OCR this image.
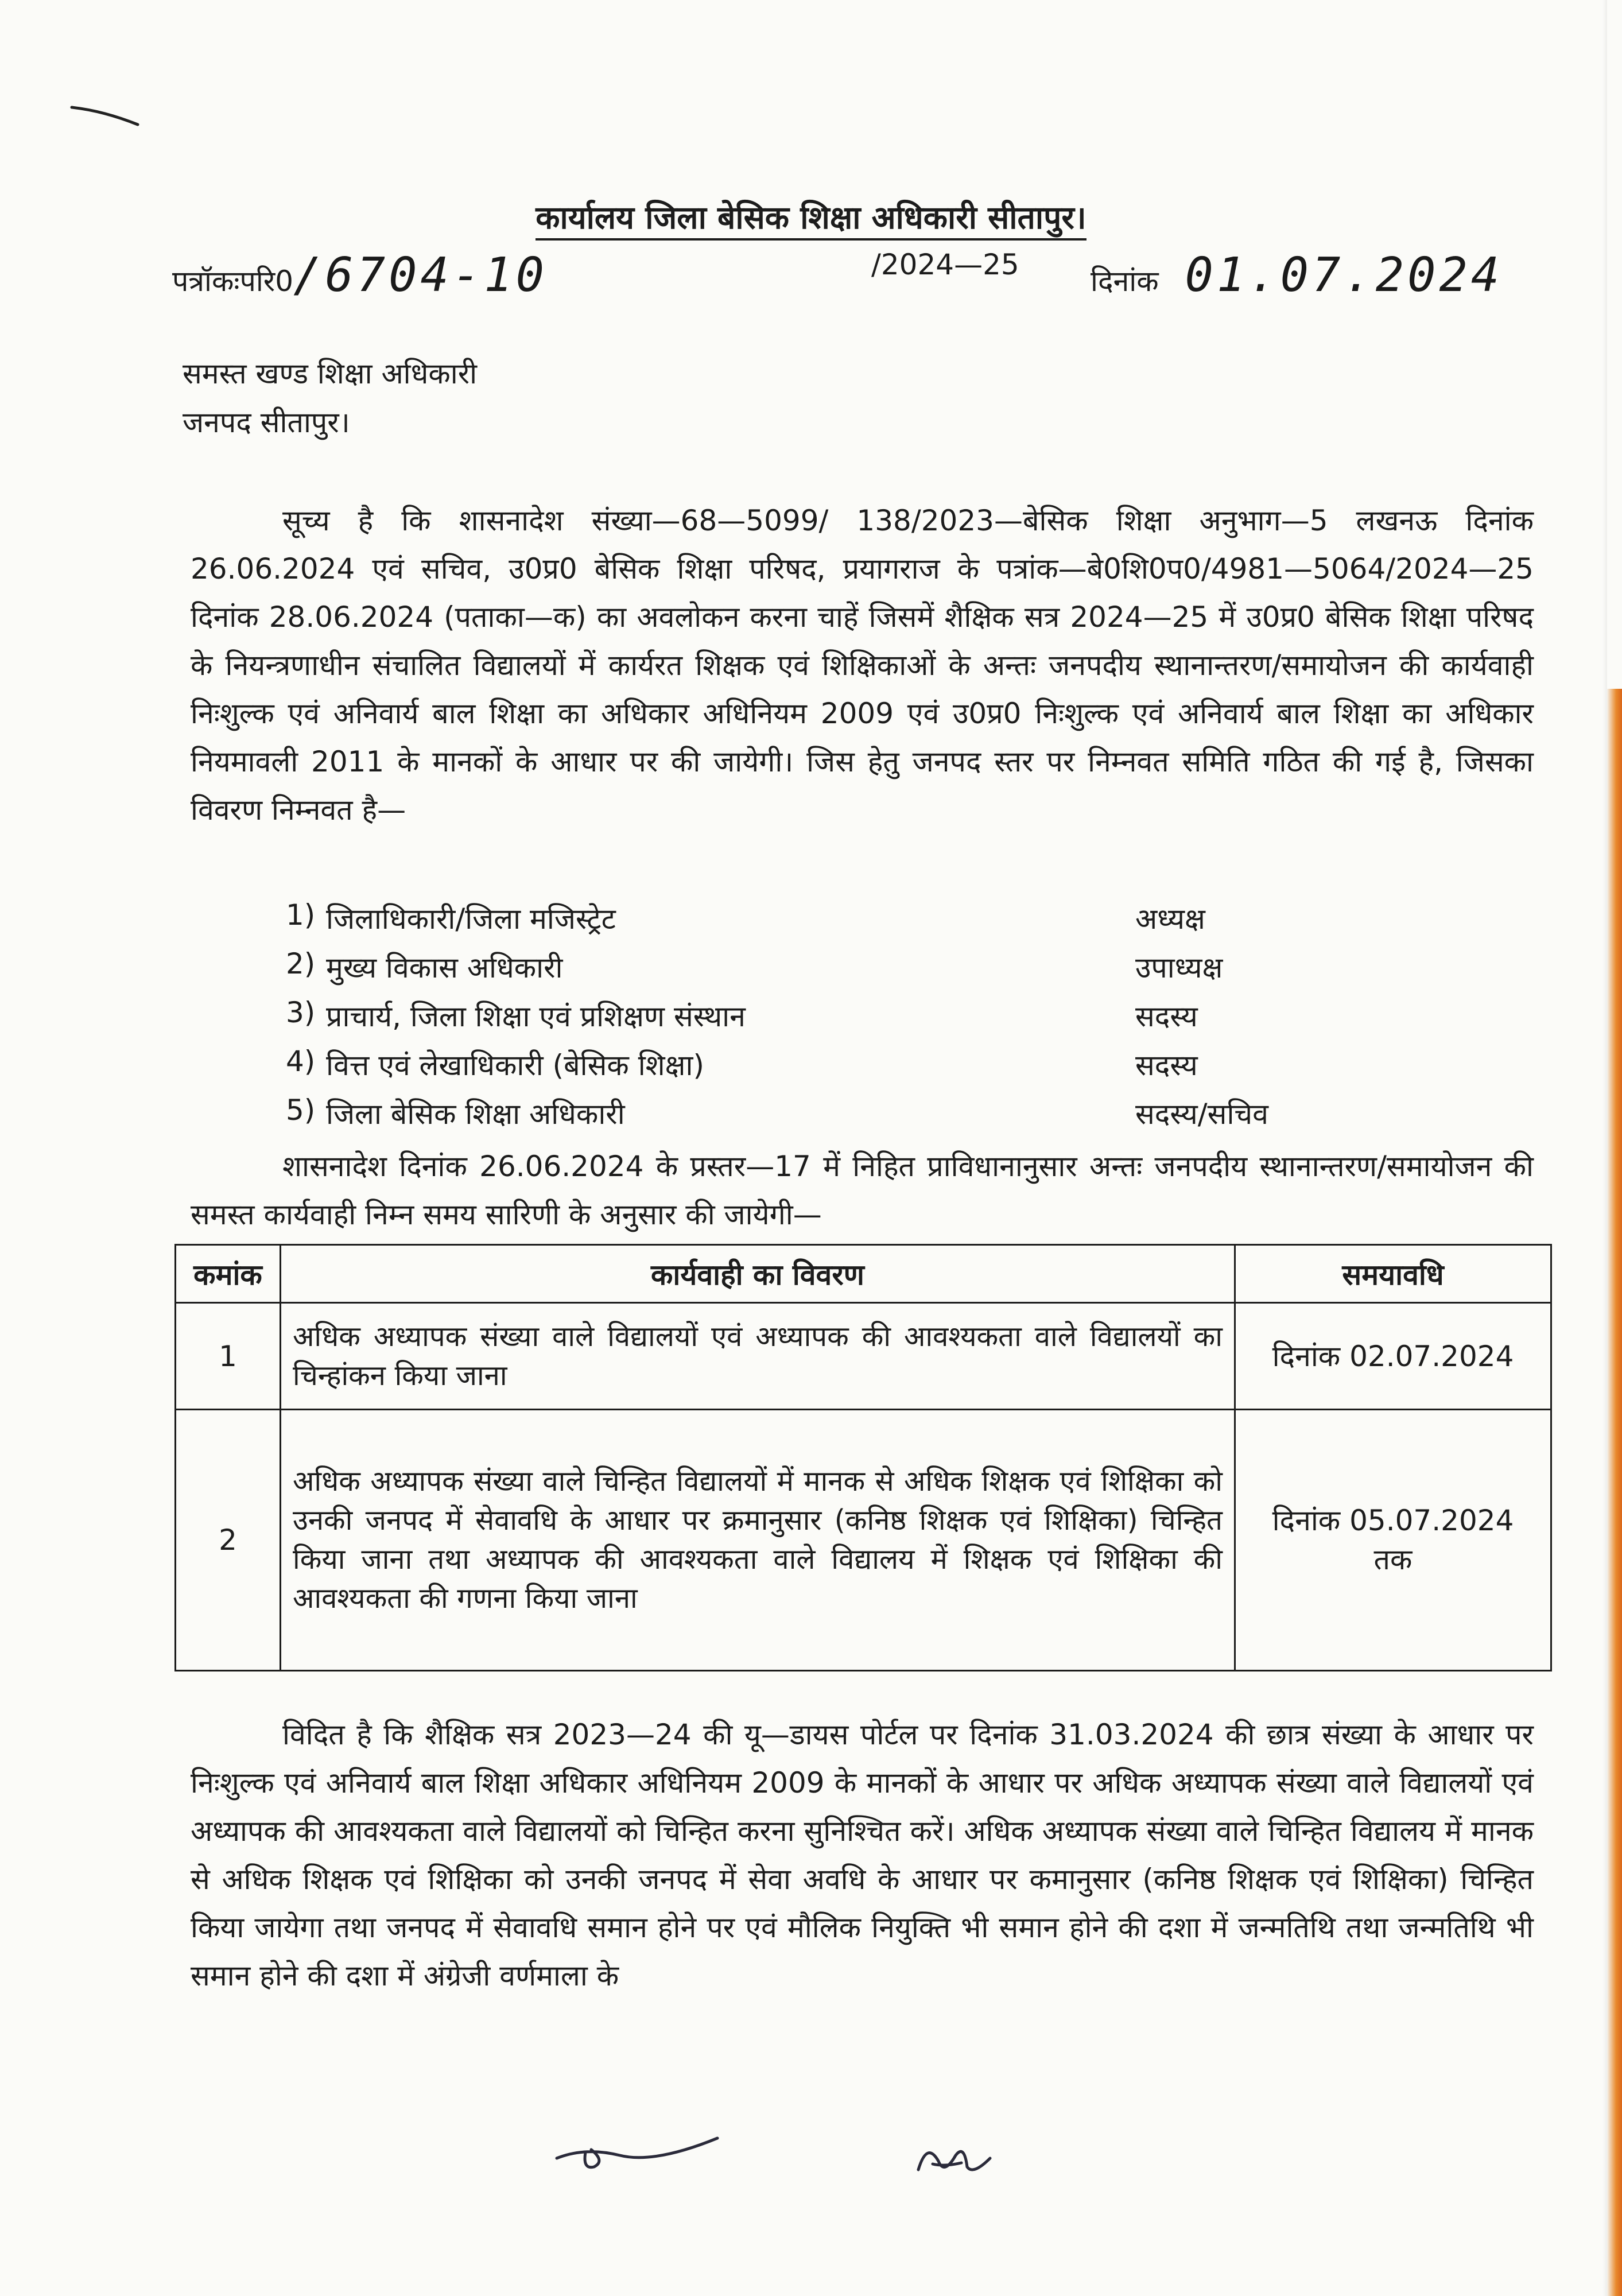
कार्यालय जिला बेसिक शिक्षा अधिकारी सीतापुर।
पत्रॉकःपरि0/6704-10	/2024—25 दिनांक 01.07.2024
समस्त खण्ड शिक्षा अधिकारी
जनपद सीतापुर।
सूच्य है कि शासनादेश संख्या—68—5099/ 138/2023—बेसिक शिक्षा अनुभाग—5 लखनऊ दिनांक 26.06.2024 एवं सचिव, उ0प्र0 बेसिक शिक्षा परिषद, प्रयागराज के पत्रांक—बे0शि0प0/4981—5064/2024—25 दिनांक 28.06.2024 (पताका—क) का अवलोकन करना चाहें जिसमें शैक्षिक सत्र 2024—25 में उ0प्र0 बेसिक शिक्षा परिषद के नियन्त्रणाधीन संचालित विद्यालयों में कार्यरत शिक्षक एवं शिक्षिकाओं के अन्तः जनपदीय स्थानान्तरण/समायोजन की कार्यवाही निःशुल्क एवं अनिवार्य बाल शिक्षा का अधिकार अधिनियम 2009 एवं उ0प्र0 निःशुल्क एवं अनिवार्य बाल शिक्षा का अधिकार नियमावली 2011 के मानकों के आधार पर की जायेगी। जिस हेतु जनपद स्तर पर निम्नवत समिति गठित की गई है, जिसका विवरण निम्नवत है—
1) जिलाधिकारी/जिला मजिस्ट्रेट	अध्यक्ष
2) मुख्य विकास अधिकारी	उपाध्यक्ष
3) प्राचार्य, जिला शिक्षा एवं प्रशिक्षण संस्थान	सदस्य
4) वित्त एवं लेखाधिकारी (बेसिक शिक्षा)	सदस्य
5) जिला बेसिक शिक्षा अधिकारी	सदस्य/सचिव
शासनादेश दिनांक 26.06.2024 के प्रस्तर—17 में निहित प्राविधानानुसार अन्तः जनपदीय स्थानान्तरण/समायोजन की समस्त कार्यवाही निम्न समय सारिणी के अनुसार की जायेगी—
कमांक	कार्यवाही का विवरण	समयावधि
1	अधिक अध्यापक संख्या वाले विद्यालयों एवं अध्यापक की आवश्यकता वाले विद्यालयों का चिन्हांकन किया जाना	दिनांक 02.07.2024
2	अधिक अध्यापक संख्या वाले चिन्हित विद्यालयों में मानक से अधिक शिक्षक एवं शिक्षिका को उनकी जनपद में सेवावधि के आधार पर क्रमानुसार (कनिष्ठ शिक्षक एवं शिक्षिका) चिन्हित किया जाना तथा अध्यापक की आवश्यकता वाले विद्यालय में शिक्षक एवं शिक्षिका की आवश्यकता की गणना किया जाना	दिनांक 05.07.2024 तक
विदित है कि शैक्षिक सत्र 2023—24 की यू—डायस पोर्टल पर दिनांक 31.03.2024 की छात्र संख्या के आधार पर निःशुल्क एवं अनिवार्य बाल शिक्षा अधिकार अधिनियम 2009 के मानकों के आधार पर अधिक अध्यापक संख्या वाले विद्यालयों एवं अध्यापक की आवश्यकता वाले विद्यालयों को चिन्हित करना सुनिश्चित करें। अधिक अध्यापक संख्या वाले चिन्हित विद्यालय में मानक से अधिक शिक्षक एवं शिक्षिका को उनकी जनपद में सेवा अवधि के आधार पर कमानुसार (कनिष्ठ शिक्षक एवं शिक्षिका) चिन्हित किया जायेगा तथा जनपद में सेवावधि समान होने पर एवं मौलिक नियुक्ति भी समान होने की दशा में जन्मतिथि तथा जन्मतिथि भी समान होने की दशा में अंग्रेजी वर्णमाला के
